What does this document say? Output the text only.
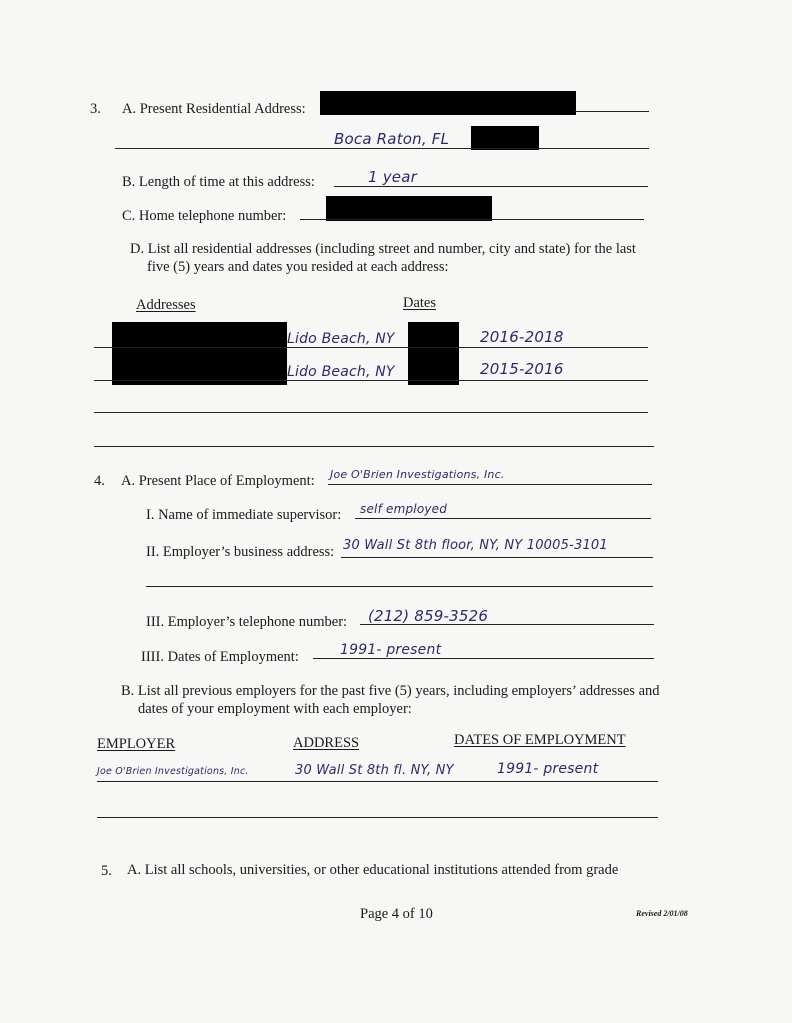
3. A. Present Residential Address:
Boca Raton, FL
B. Length of time at this address:	1 year
C. Home telephone number:
D. List all residential addresses (including street and number, city and state) for the last
five (5) years and dates you resided at each address:
Addresses	Dates
Lido Beach, NY	2016-2018
Lido Beach, NY	2015-2016
4. A. Present Place of Employment: Joe O'Brien Investigations, Inc.
I. Name of immediate supervisor: self employed
II. Employer’s business address: 30 Wall St 8th floor, NY, NY 10005-3101
III. Employer’s telephone number: (212) 859-3526
IIII. Dates of Employment:	1991- present
B. List all previous employers for the past five (5) years, including employers’ addresses and
dates of your employment with each employer:
EMPLOYER	ADDRESS	DATES OF EMPLOYMENT
Joe O'Brien Investigations, Inc.	30 Wall St 8th fl. NY, NY	1991- present
5. A. List all schools, universities, or other educational institutions attended from grade
Page 4 of 10	Revised 2/01/08
